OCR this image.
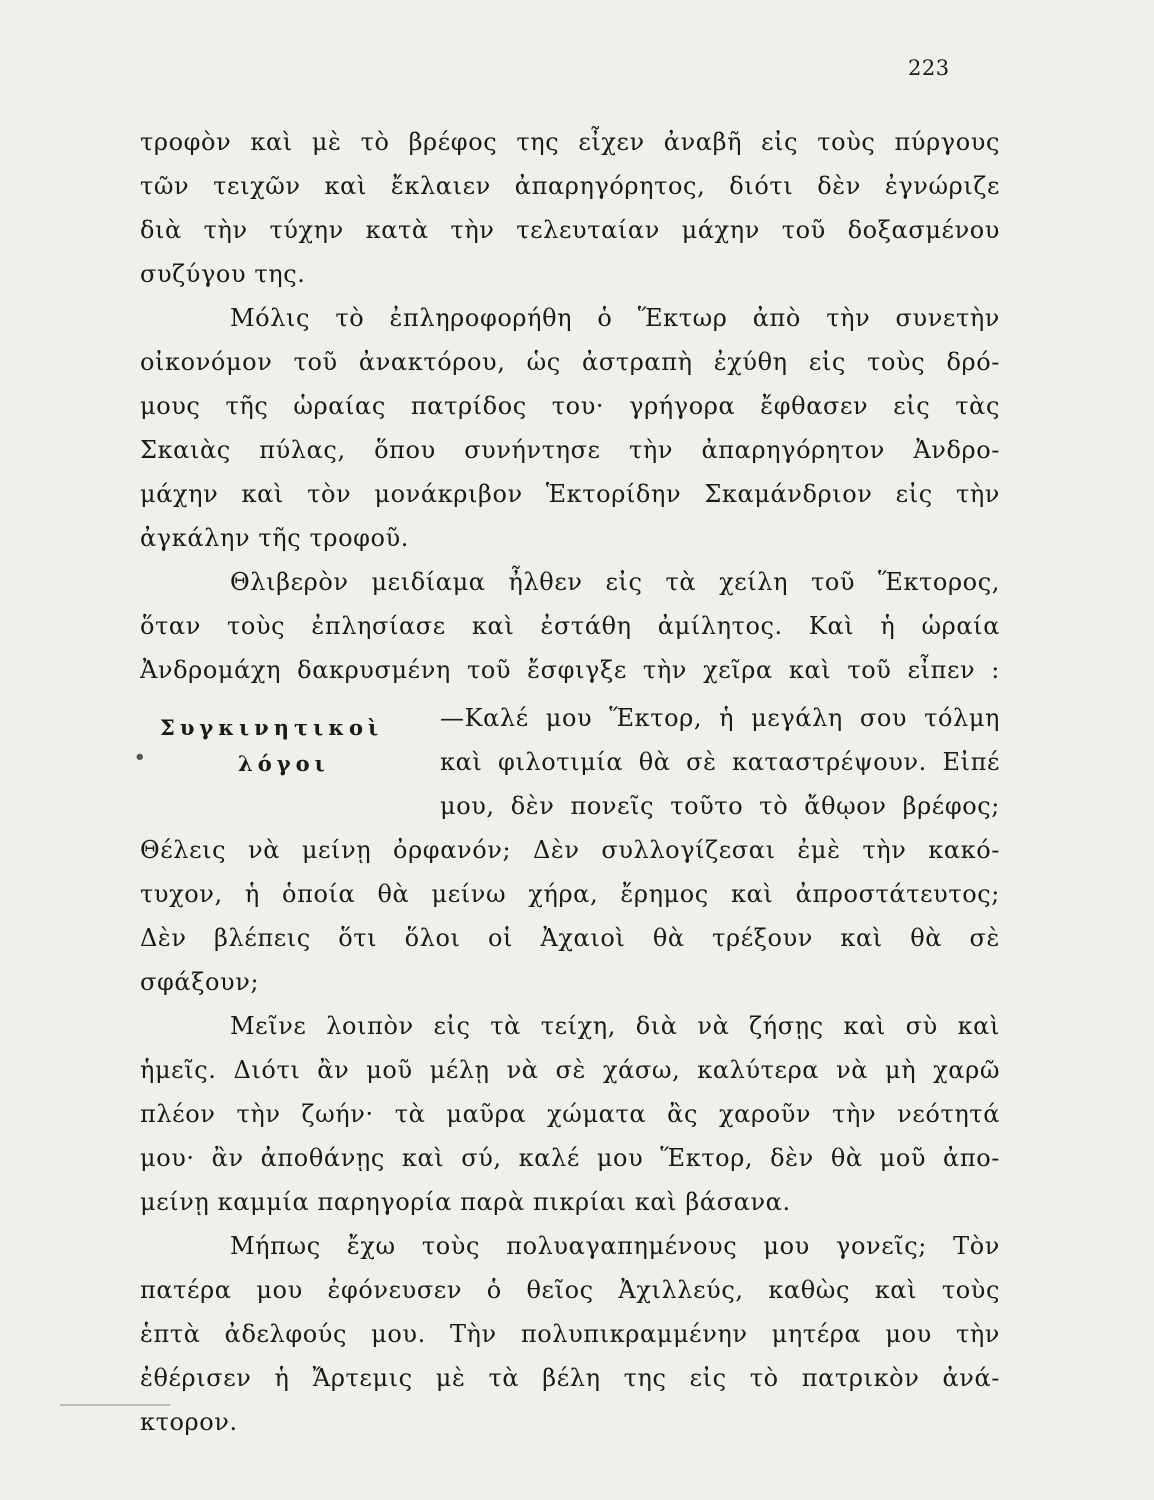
223
τροφὸν καὶ μὲ τὸ βρέφος της εἶχεν ἀναβῆ εἰς τοὺς πύργους
τῶν τειχῶν καὶ ἔκλαιεν ἀπαρηγόρητος, διότι δὲν ἐγνώριζε
διὰ τὴν τύχην κατὰ τὴν τελευταίαν μάχην τοῦ δοξασμένου
συζύγου της.
Μόλις τὸ ἐπληροφορήθη ὁ Ἕκτωρ ἀπὸ τὴν συνετὴν
οἰκονόμον τοῦ ἀνακτόρου, ὡς ἀστραπὴ ἐχύθη εἰς τοὺς δρό-
μους τῆς ὡραίας πατρίδος του· γρήγορα ἔφθασεν εἰς τὰς
Σκαιὰς πύλας, ὅπου συνήντησε τὴν ἀπαρηγόρητον Ἀνδρο-
μάχην καὶ τὸν μονάκριβον Ἑκτορίδην Σκαμάνδριον εἰς τὴν
ἀγκάλην τῆς τροφοῦ.
Θλιβερὸν μειδίαμα ἦλθεν εἰς τὰ χείλη τοῦ Ἕκτορος,
ὅταν τοὺς ἐπλησίασε καὶ ἐστάθη ἀμίλητος. Καὶ ἡ ὡραία
Ἀνδρομάχη δακρυσμένη τοῦ ἔσφιγξε τὴν χεῖρα καὶ τοῦ εἶπεν :
•
Συγκινητικοὶ
λόγοι
—Καλέ μου Ἕκτορ, ἡ μεγάλη σου τόλμη
καὶ φιλοτιμία θὰ σὲ καταστρέψουν. Εἰπέ
μου, δὲν πονεῖς τοῦτο τὸ ἄθῳον βρέφος;
Θέλεις νὰ μείνῃ ὀρφανόν; Δὲν συλλογίζεσαι ἐμὲ τὴν κακό-
τυχον, ἡ ὁποία θὰ μείνω χήρα, ἔρημος καὶ ἀπροστάτευτος;
Δὲν βλέπεις ὅτι ὅλοι οἱ Ἀχαιοὶ θὰ τρέξουν καὶ θὰ σὲ
σφάξουν;
Μεῖνε λοιπὸν εἰς τὰ τείχη, διὰ νὰ ζήσῃς καὶ σὺ καὶ
ἡμεῖς. Διότι ἂν μοῦ μέλῃ νὰ σὲ χάσω, καλύτερα νὰ μὴ χαρῶ
πλέον τὴν ζωήν· τὰ μαῦρα χώματα ἂς χαροῦν τὴν νεότητά
μου· ἂν ἀποθάνῃς καὶ σύ, καλέ μου Ἕκτορ, δὲν θὰ μοῦ ἀπο-
μείνῃ καμμία παρηγορία παρὰ πικρίαι καὶ βάσανα.
Μήπως ἔχω τοὺς πολυαγαπημένους μου γονεῖς; Τὸν
πατέρα μου ἐφόνευσεν ὁ θεῖος Ἀχιλλεύς, καθὼς καὶ τοὺς
ἑπτὰ ἀδελφούς μου. Τὴν πολυπικραμμένην μητέρα μου τὴν
ἐθέρισεν ἡ Ἄρτεμις μὲ τὰ βέλη της εἰς τὸ πατρικὸν ἀνά-
κτορον.
